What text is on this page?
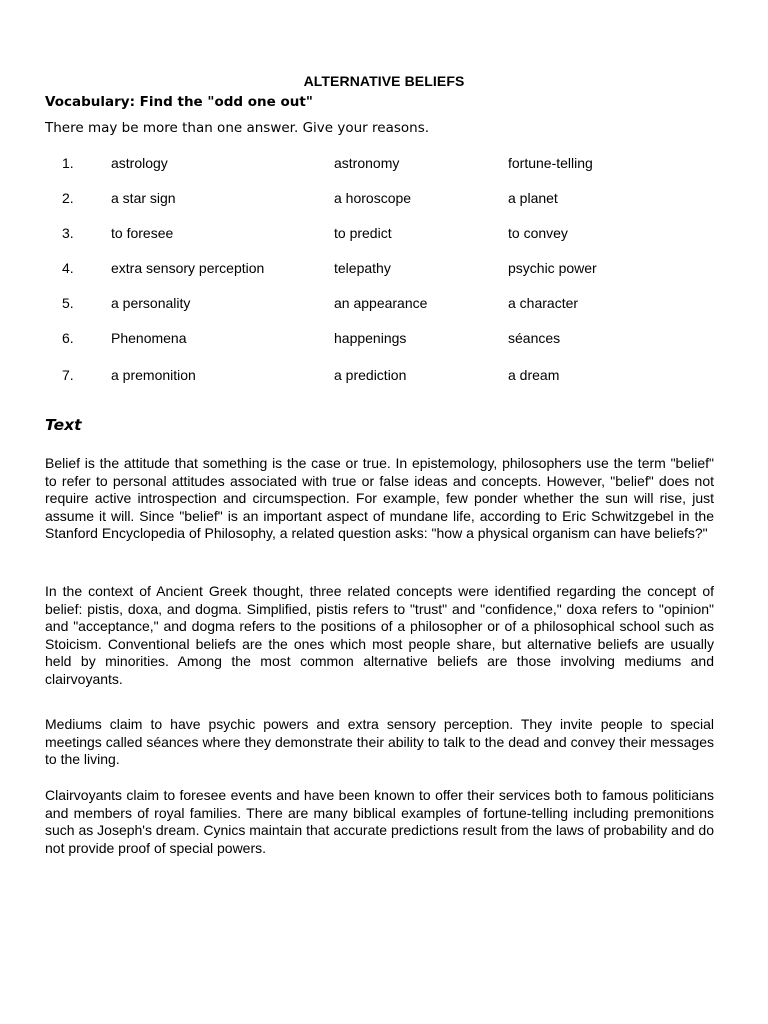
ALTERNATIVE BELIEFS
Vocabulary: Find the "odd one out"
There may be more than one answer. Give your reasons.
1.	astrology	astronomy	fortune-telling
2.	a star sign	a horoscope	a planet
3.	to foresee	to predict	to convey
4.	extra sensory perception	telepathy	psychic power
5.	a personality	an appearance	a character
6.	Phenomena	happenings	séances
7.	a premonition	a prediction	a dream
Text

Belief is the attitude that something is the case or true. In epistemology, philosophers use the term "belief" to refer to personal attitudes associated with true or false ideas and concepts. However, "belief" does not require active introspection and circumspection. For example, few ponder whether the sun will rise, just assume it will. Since "belief" is an important aspect of mundane life, according to Eric Schwitzgebel in the Stanford Encyclopedia of Philosophy, a related question asks: "how a physical organism can have beliefs?"

In the context of Ancient Greek thought, three related concepts were identified regarding the concept of belief: pistis, doxa, and dogma. Simplified, pistis refers to "trust" and "confidence," doxa refers to "opinion" and "acceptance," and dogma refers to the positions of a philosopher or of a philosophical school such as Stoicism. Conventional beliefs are the ones which most people share, but alternative beliefs are usually held by minorities. Among the most common alternative beliefs are those involving mediums and clairvoyants.

Mediums claim to have psychic powers and extra sensory perception. They invite people to special meetings called séances where they demonstrate their ability to talk to the dead and convey their messages to the living.

Clairvoyants claim to foresee events and have been known to offer their services both to famous politicians and members of royal families. There are many biblical examples of fortune-telling including premonitions such as Joseph's dream. Cynics maintain that accurate predictions result from the laws of probability and do not provide proof of special powers.
